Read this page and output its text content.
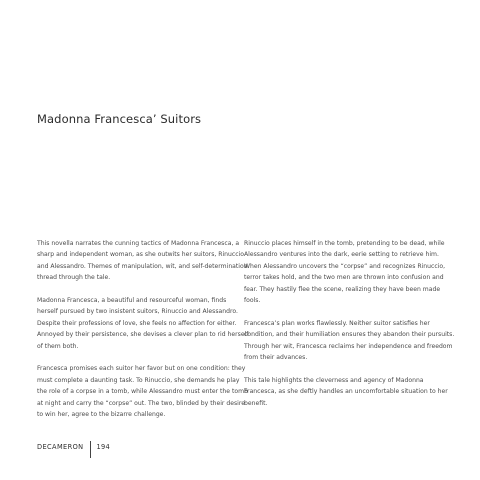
Madonna Francesca’ Suitors

This novella narrates the cunning tactics of Madonna Francesca, a sharp and independent woman, as she outwits her suitors, Rinuccio and Alessandro. Themes of manipulation, wit, and self-determination thread through the tale.

Madonna Francesca, a beautiful and resourceful woman, finds herself pursued by two insistent suitors, Rinuccio and Alessandro. Despite their professions of love, she feels no affection for either. Annoyed by their persistence, she devises a clever plan to rid herself of them both.

Francesca promises each suitor her favor but on one condition: they must complete a daunting task. To Rinuccio, she demands he play the role of a corpse in a tomb, while Alessandro must enter the tomb at night and carry the “corpse” out. The two, blinded by their desire to win her, agree to the bizarre challenge.

Rinuccio places himself in the tomb, pretending to be dead, while Alessandro ventures into the dark, eerie setting to retrieve him. When Alessandro uncovers the “corpse” and recognizes Rinuccio, terror takes hold, and the two men are thrown into confusion and fear. They hastily flee the scene, realizing they have been made fools.

Francesca’s plan works flawlessly. Neither suitor satisfies her condition, and their humiliation ensures they abandon their pursuits. Through her wit, Francesca reclaims her independence and freedom from their advances.

This tale highlights the cleverness and agency of Madonna Francesca, as she deftly handles an uncomfortable situation to her benefit.

DECAMERON 194
